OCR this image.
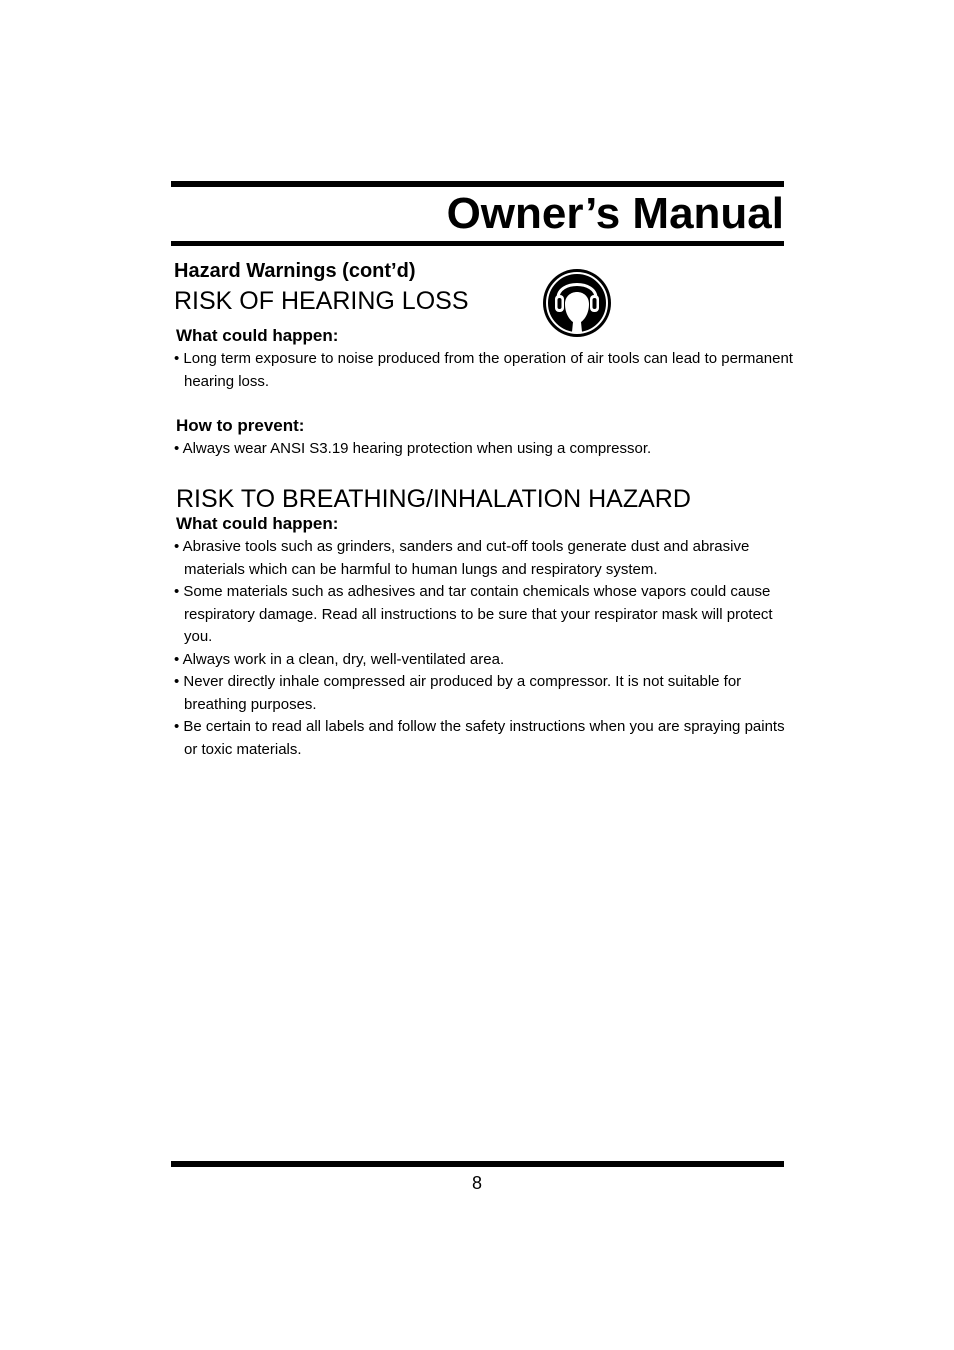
Owner’s Manual
Hazard Warnings (cont’d)
RISK OF HEARING LOSS
What could happen:
• Long term exposure to noise produced from the operation of air tools can lead to permanent hearing loss.
How to prevent:
• Always wear ANSI S3.19 hearing protection when using a compressor.
RISK TO BREATHING/INHALATION HAZARD
What could happen:
• Abrasive tools such as grinders, sanders and cut-off tools generate dust and abrasive materials which can be harmful to human lungs and respiratory system.
• Some materials such as adhesives and tar contain chemicals whose vapors could cause respiratory damage. Read all instructions to be sure that your respirator mask will protect you.
• Always work in a clean, dry, well-ventilated area.
• Never directly inhale compressed air produced by a compressor. It is not suitable for breathing purposes.
• Be certain to read all labels and follow the safety instructions when you are spraying paints or toxic materials.

8
